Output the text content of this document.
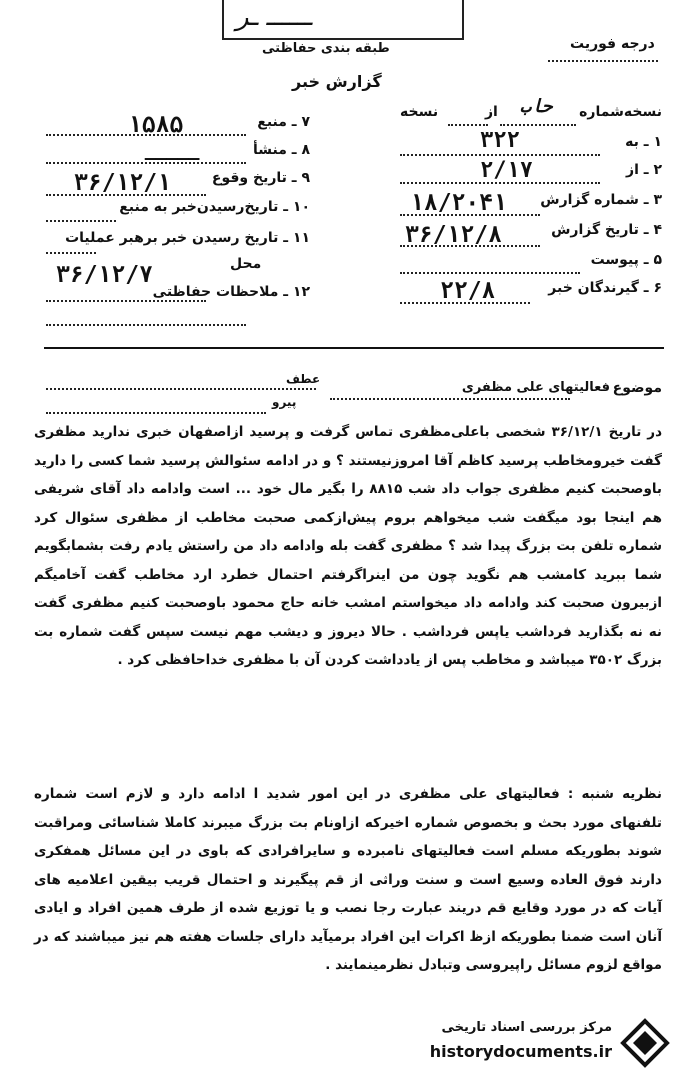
ــــــ ـر
طبقه بندی حفاظتی	درجه فوریت
گزارش خبر
نسخه‌شماره
از
نسخه	حاب
۱ ـ به
۳۲۲
۲ ـ از
۲/۱۷
۳ ـ شماره گزارش
۱۸/۲۰۴۱
۴ ـ تاریخ گزارش
۳۶/۱۲/۸
۵ ـ پیوست
۶ ـ گیرندگان خبر
۲۲/۸
۷ ـ منبع
۱۵۸۵
۸ ـ منشأ
ـــــ
۹ ـ تاریخ وقوع
۳۶/۱۲/۱
۱۰ ـ تاریخ‌رسیدن‌خبر به منبع
۱۱ ـ تاریخ رسیدن خبر برهبر عملیات
محل
۳۶/۱۲/۷
۱۲ ـ ملاحظات حفاظتی
موضوع
فعالیتهای علی مظفری
عطف
پیرو
در تاریخ ۳۶/۱۲/۱ شخصی باعلی‌مظفری تماس گرفت و پرسید ازاصفهان خبری ندارید مظفری گفت خیرومخاطب پرسید کاظم آقا امروزنیستند ؟ و در ادامه سئوالش پرسید شما کسی را دارید باوصحبت کنیم مظفری جواب داد شب ۸۸۱۵ را بگیر مال خود ... است وادامه داد آقای شریفی هم اینجا بود میگفت شب میخواهم بروم پیش‌ازکمی صحبت مخاطب از مظفری سئوال کرد شماره تلفن بت بزرگ پیدا شد ؟ مظفری گفت بله وادامه داد من راستش یادم رفت بشمابگویم شما ببرید کامشب هم نگوید چون من اینراگرفتم احتمال خطرد ارد مخاطب گفت آخامیگم ازبیرون صحبت کند وادامه داد میخواستم امشب خانه حاج محمود باوصحبت کنیم مظفری گفت نه نه بگذارید فرداشب یاپس فرداشب . حالا دیروز و دیشب مهم نیست سپس گفت شماره بت بزرگ ۳۵۰۲ میباشد و مخاطب پس از یادداشت کردن آن با مظفری خداحافظی کرد .
نظریه شنبه : فعالیتهای علی مظفری در این امور شدید ا ادامه دارد و لازم است شماره تلفنهای مورد بحث و بخصوص شماره اخیرکه ازاونام بت بزرگ میبرند کاملا شناسائی ومراقبت شوند بطوریکه مسلم است فعالیتهای نامبرده و سایرافرادی که باوی در این مسائل همفکری دارند فوق العاده وسیع است و سنت وراثی از قم پیگیرند و احتمال قریب بیقین اعلامیه های آیات که در مورد وقایع قم دریند عبارت رجا نصب و یا توزیع شده از طرف همین افراد و ایادی آنان است ضمنا بطوریکه ازظ اکرات این افراد برمیآید دارای جلسات هفته هم نیز میباشند که در مواقع لزوم مسائل راپیروسی وتبادل نظرمینمایند .
مرکز بررسی اسناد تاریخی
historydocuments.ir
